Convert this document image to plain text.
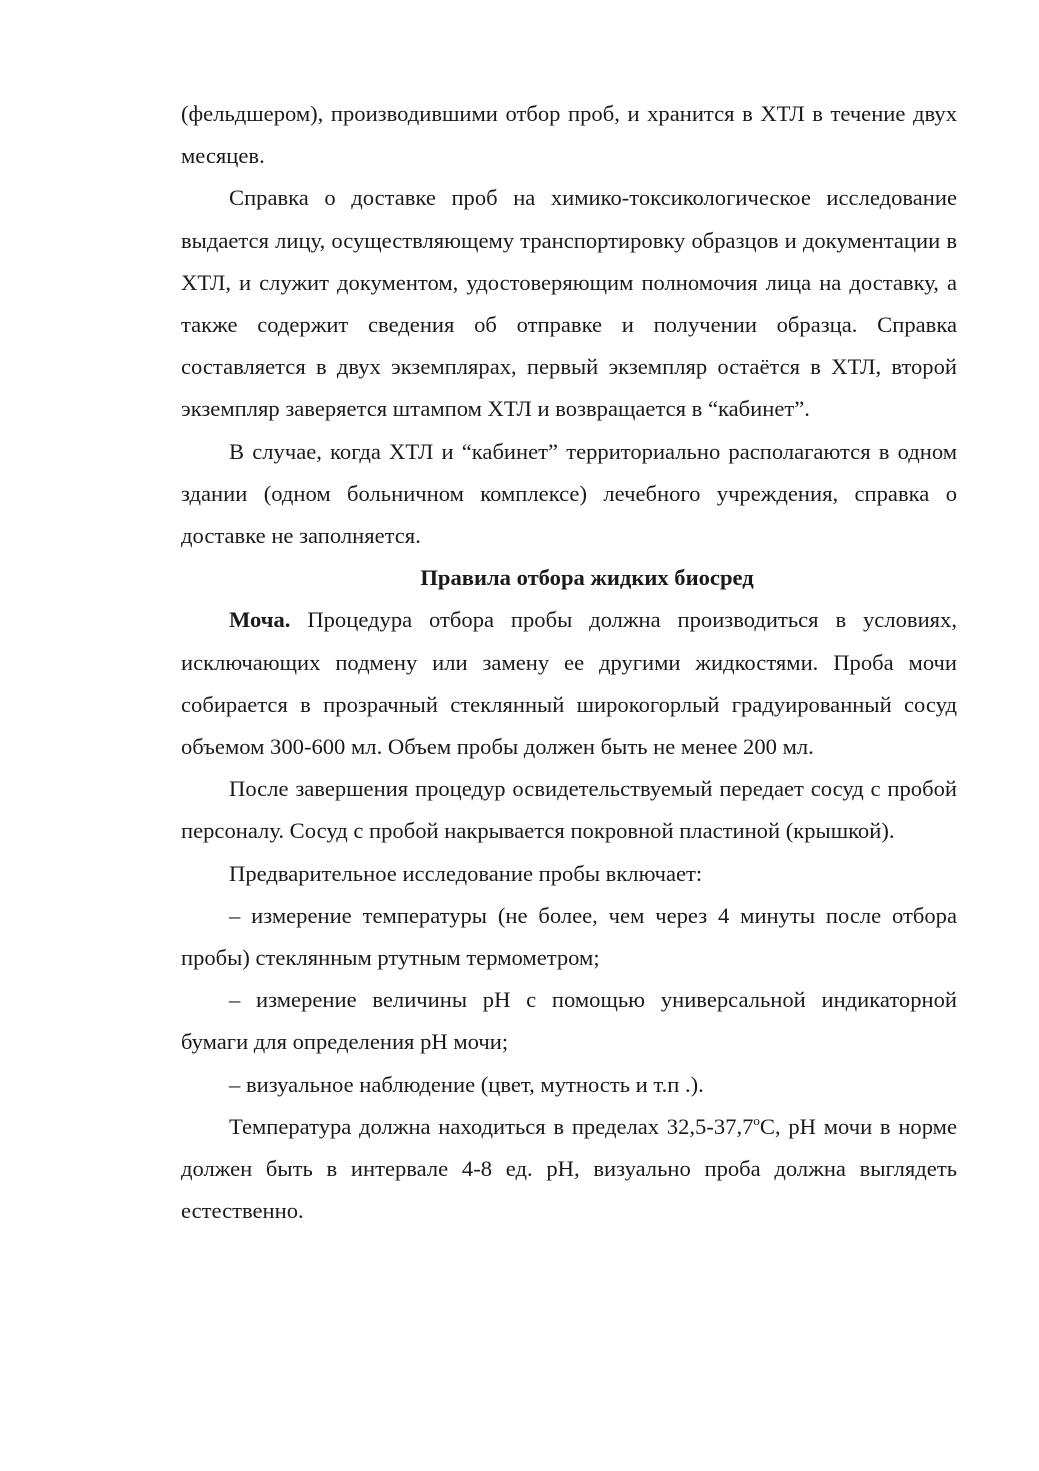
(фельдшером), производившими отбор проб, и хранится в ХТЛ в течение двух месяцев.

Справка о доставке проб на химико-токсикологическое исследование выдается лицу, осуществляющему транспортировку образцов и документации в ХТЛ, и служит документом, удостоверяющим полномочия лица на доставку, а также содержит сведения об отправке и получении образца. Справка составляется в двух экземплярах, первый экземпляр остаётся в ХТЛ, второй экземпляр заверяется штампом ХТЛ и возвращается в “кабинет”.

В случае, когда ХТЛ и “кабинет” территориально располагаются в одном здании (одном больничном комплексе) лечебного учреждения, справка о доставке не заполняется.

Правила отбора жидких биосред

Моча. Процедура отбора пробы должна производиться в условиях, исключающих подмену или замену ее другими жидкостями. Проба мочи собирается в прозрачный стеклянный широкогорлый градуированный сосуд объемом 300-600 мл. Объем пробы должен быть не менее 200 мл.

После завершения процедур освидетельствуемый передает сосуд с пробой персоналу. Сосуд с пробой накрывается покровной пластиной (крышкой).

Предварительное исследование пробы включает:

– измерение температуры (не более, чем через 4 минуты после отбора пробы) стеклянным ртутным термометром;

– измерение величины pH с помощью универсальной индикаторной бумаги для определения pH мочи;

– визуальное наблюдение (цвет, мутность и т.п .).

Температура должна находиться в пределах $32,5-37,7^оС$, pH мочи в норме должен быть в интервале 4-8 ед. pH, визуально проба должна выглядеть естественно.
